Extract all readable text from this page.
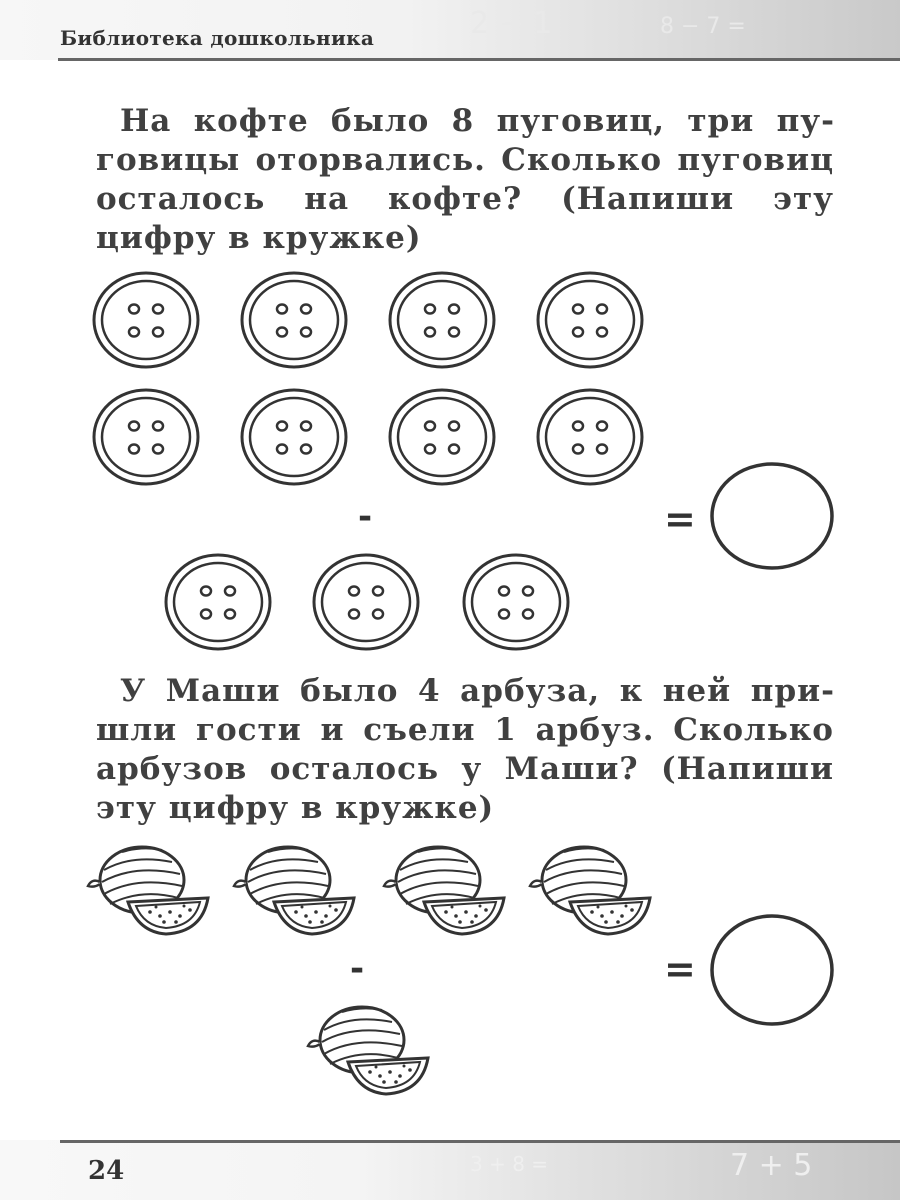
2 − 1	8 − 7 =
Библиотека дошкольника
На кофте было 8 пуговиц, три пуговицы оторвались. Сколько пуговиц осталось на кофте? (Напиши эту цифру в кружке)
У Маши было 4 арбуза, к ней пришли гости и съели 1 арбуз. Сколько арбузов осталось у Маши? (Напиши эту цифру в кружке)
-	=
-	=
3 + 8 =	7 + 5
24
